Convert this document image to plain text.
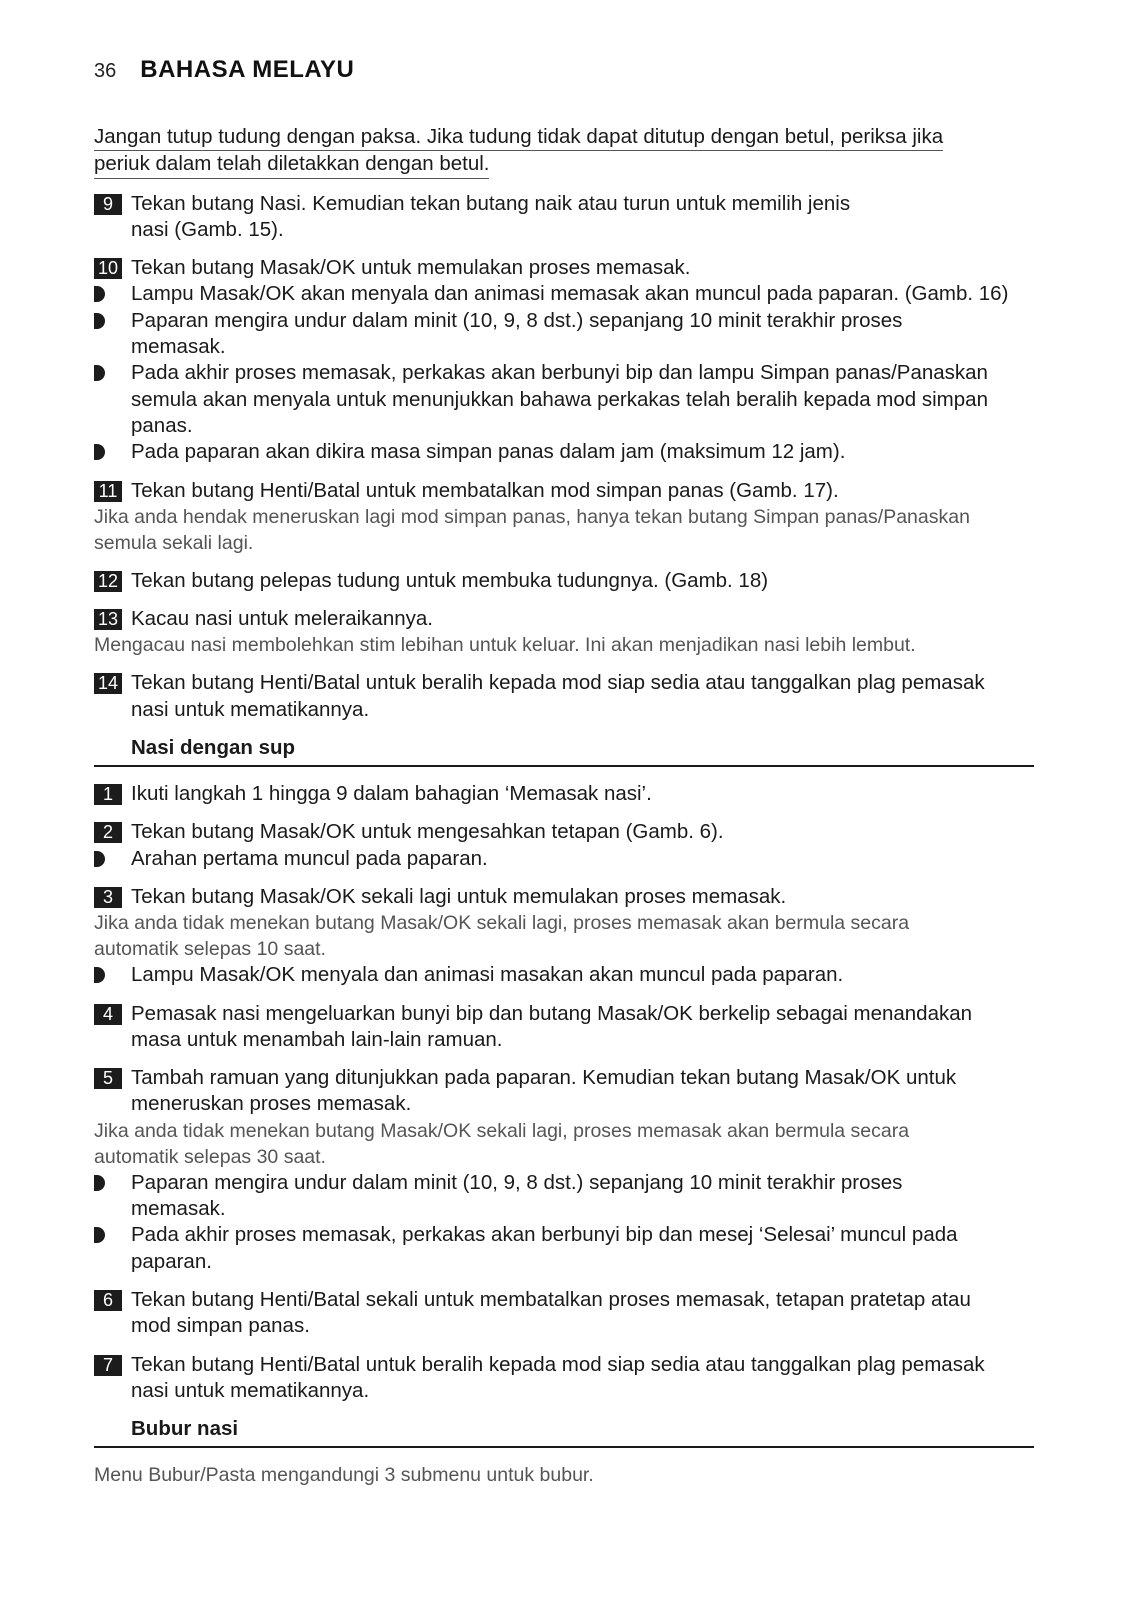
36 BAHASA MELAYU
Jangan tutup tudung dengan paksa. Jika tudung tidak dapat ditutup dengan betul, periksa jika
periuk dalam telah diletakkan dengan betul.
9 Tekan butang Nasi. Kemudian tekan butang naik atau turun untuk memilih jenis
nasi (Gamb. 15).
10 Tekan butang Masak/OK untuk memulakan proses memasak.
Lampu Masak/OK akan menyala dan animasi memasak akan muncul pada paparan. (Gamb. 16)
Paparan mengira undur dalam minit (10, 9, 8 dst.) sepanjang 10 minit terakhir proses
memasak.
Pada akhir proses memasak, perkakas akan berbunyi bip dan lampu Simpan panas/Panaskan
semula akan menyala untuk menunjukkan bahawa perkakas telah beralih kepada mod simpan
panas.
Pada paparan akan dikira masa simpan panas dalam jam (maksimum 12 jam).
11 Tekan butang Henti/Batal untuk membatalkan mod simpan panas (Gamb. 17).
Jika anda hendak meneruskan lagi mod simpan panas, hanya tekan butang Simpan panas/Panaskan
semula sekali lagi.
12 Tekan butang pelepas tudung untuk membuka tudungnya. (Gamb. 18)
13 Kacau nasi untuk meleraikannya.
Mengacau nasi membolehkan stim lebihan untuk keluar. Ini akan menjadikan nasi lebih lembut.
14 Tekan butang Henti/Batal untuk beralih kepada mod siap sedia atau tanggalkan plag pemasak
nasi untuk mematikannya.
Nasi dengan sup
1 Ikuti langkah 1 hingga 9 dalam bahagian ‘Memasak nasi’.
2 Tekan butang Masak/OK untuk mengesahkan tetapan (Gamb. 6).
Arahan pertama muncul pada paparan.
3 Tekan butang Masak/OK sekali lagi untuk memulakan proses memasak.
Jika anda tidak menekan butang Masak/OK sekali lagi, proses memasak akan bermula secara
automatik selepas 10 saat.
Lampu Masak/OK menyala dan animasi masakan akan muncul pada paparan.
4 Pemasak nasi mengeluarkan bunyi bip dan butang Masak/OK berkelip sebagai menandakan
masa untuk menambah lain-lain ramuan.
5 Tambah ramuan yang ditunjukkan pada paparan. Kemudian tekan butang Masak/OK untuk
meneruskan proses memasak.
Jika anda tidak menekan butang Masak/OK sekali lagi, proses memasak akan bermula secara
automatik selepas 30 saat.
Paparan mengira undur dalam minit (10, 9, 8 dst.) sepanjang 10 minit terakhir proses
memasak.
Pada akhir proses memasak, perkakas akan berbunyi bip dan mesej ‘Selesai’ muncul pada
paparan.
6 Tekan butang Henti/Batal sekali untuk membatalkan proses memasak, tetapan pratetap atau
mod simpan panas.
7 Tekan butang Henti/Batal untuk beralih kepada mod siap sedia atau tanggalkan plag pemasak
nasi untuk mematikannya.
Bubur nasi
Menu Bubur/Pasta mengandungi 3 submenu untuk bubur.
